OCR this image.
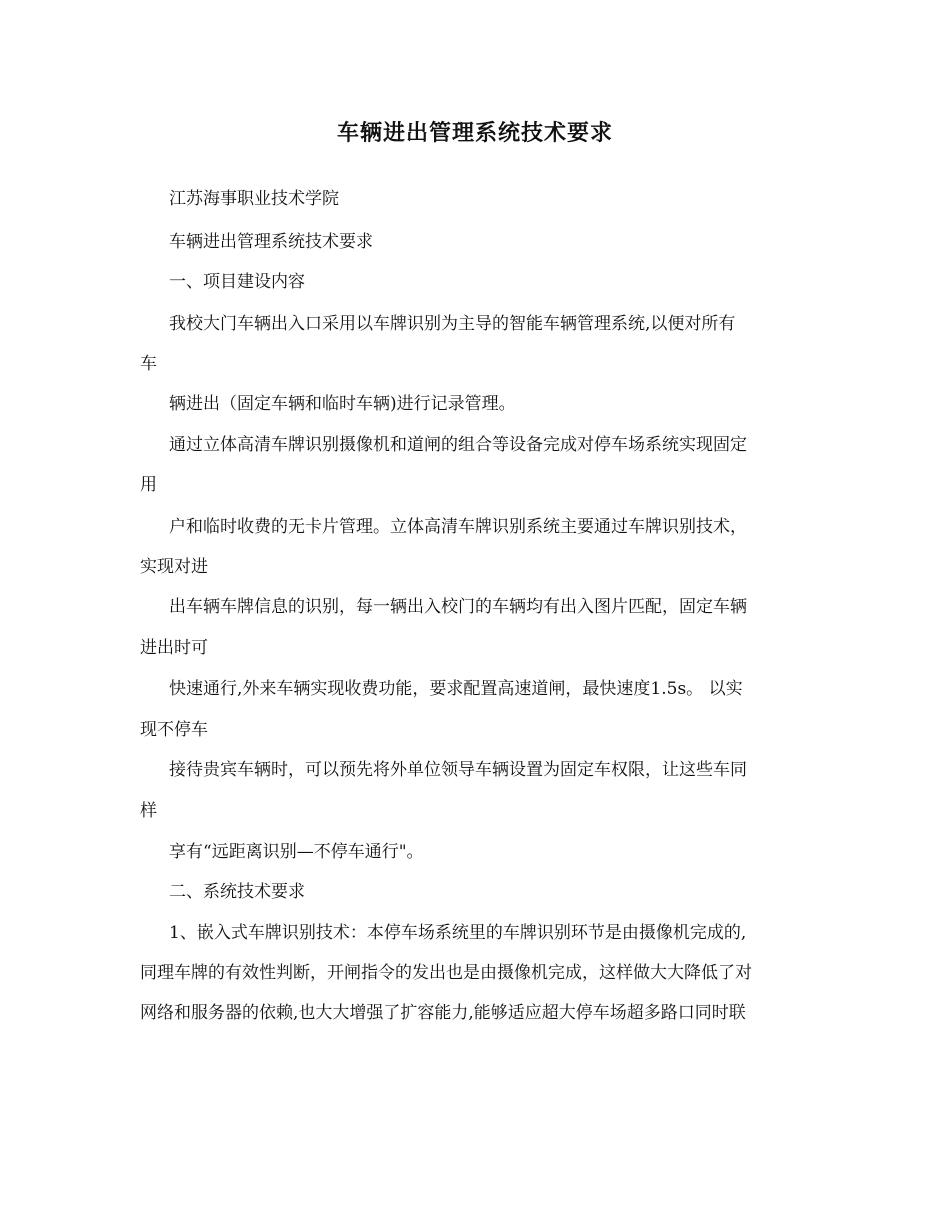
车辆进出管理系统技术要求
江苏海事职业技术学院
车辆进出管理系统技术要求
一、项目建设内容
我校大门车辆出入口采用以车牌识别为主导的智能车辆管理系统,以便对所有
车
辆进出（固定车辆和临时车辆)进行记录管理。
通过立体高清车牌识别摄像机和道闸的组合等设备完成对停车场系统实现固定
用
户和临时收费的无卡片管理。立体高清车牌识别系统主要通过车牌识别技术，
实现对进
出车辆车牌信息的识别，每一辆出入校门的车辆均有出入图片匹配，固定车辆
进出时可
快速通行,外来车辆实现收费功能，要求配置高速道闸，最快速度1.5s。 以实
现不停车
接待贵宾车辆时，可以预先将外单位领导车辆设置为固定车权限，让这些车同
样
享有“远距离识别—不停车通行"。
二、系统技术要求
1、嵌入式车牌识别技术：本停车场系统里的车牌识别环节是由摄像机完成的,
同理车牌的有效性判断，开闸指令的发出也是由摄像机完成，这样做大大降低了对
网络和服务器的依赖,也大大增强了扩容能力,能够适应超大停车场超多路口同时联
